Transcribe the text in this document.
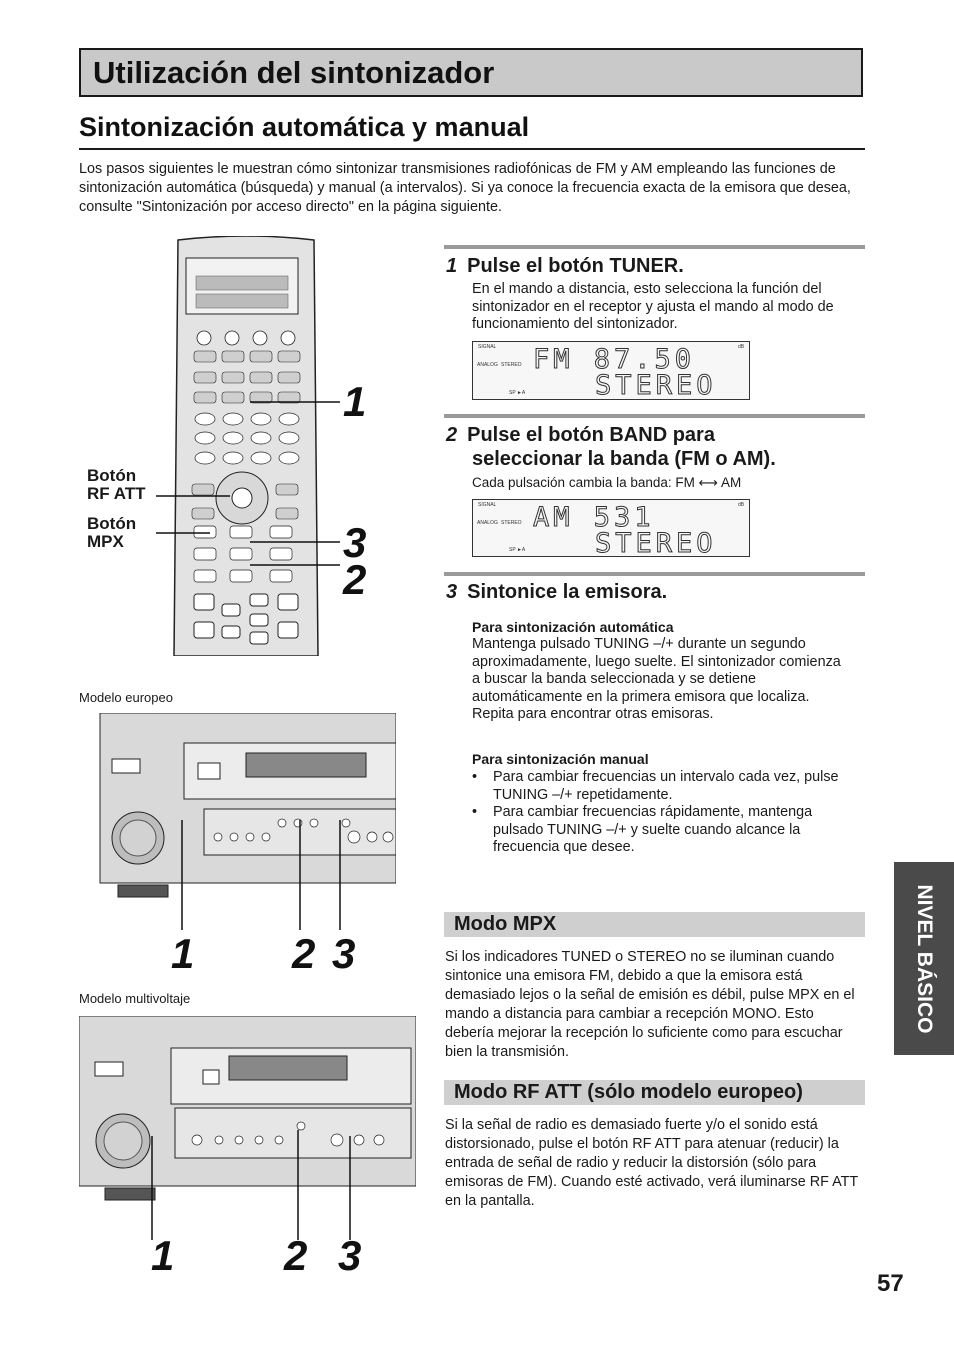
Utilización del sintonizador
Sintonización automática y manual
Los pasos siguientes le muestran cómo sintonizar transmisiones radiofónicas de FM y AM empleando las funciones de sintonización automática (búsqueda) y manual (a intervalos). Si ya conoce la frecuencia exacta de la emisora que desea, consulte "Sintonización por acceso directo" en la página siguiente.
Botón
RF ATT
Botón
MPX
1
3
2
Modelo europeo
1 2 3
Modelo multivoltaje
1	2 3
1 Pulse el botón TUNER.
En el mando a distancia, esto selecciona la función del sintonizador en el receptor y ajusta el mando al modo de funcionamiento del sintonizador.
SIGNAL
ANALOG STEREO
dB
SP ►A
FM 87.50
STEREO
2 Pulse el botón BAND para
seleccionar la banda (FM o AM).
Cada pulsación cambia la banda: FM ⟷ AM
SIGNAL
ANALOG STEREO
dB
SP ►A
AM 531
STEREO
3 Sintonice la emisora.
Para sintonización automática
Mantenga pulsado TUNING –/+ durante un segundo aproximadamente, luego suelte. El sintonizador comienza a buscar la banda seleccionada y se detiene automáticamente en la primera emisora que localiza. Repita para encontrar otras emisoras.
Para sintonización manual
•	Para cambiar frecuencias un intervalo cada vez, pulse TUNING –/+ repetidamente.
•	Para cambiar frecuencias rápidamente, mantenga pulsado TUNING –/+ y suelte cuando alcance la frecuencia que desee.
Modo MPX
Si los indicadores TUNED o STEREO no se iluminan cuando sintonice una emisora FM, debido a que la emisora está demasiado lejos o la señal de emisión es débil, pulse MPX en el mando a distancia para cambiar a recepción MONO. Esto debería mejorar la recepción lo suficiente como para escuchar bien la transmisión.
Modo RF ATT (sólo modelo europeo)
Si la señal de radio es demasiado fuerte y/o el sonido está distorsionado, pulse el botón RF ATT para atenuar (reducir) la entrada de señal de radio y reducir la distorsión (sólo para emisoras de FM). Cuando esté activado, verá iluminarse RF ATT en la pantalla.
NIVEL BÁSICO
57
